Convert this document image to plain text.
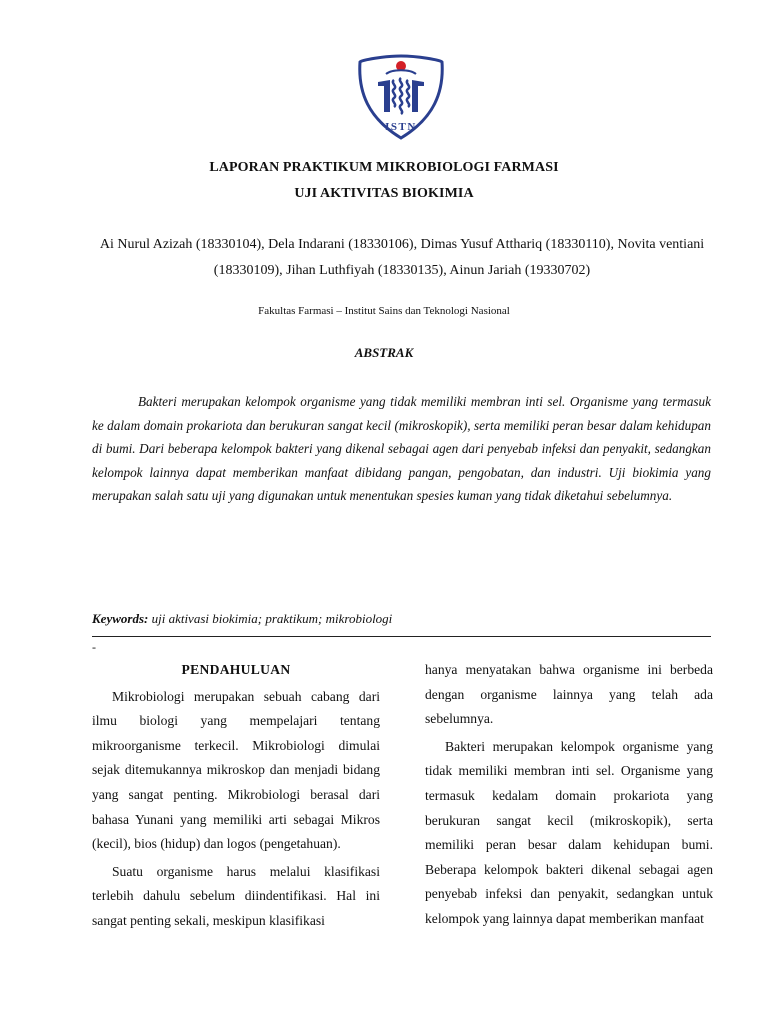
ISTN
LAPORAN PRAKTIKUM MIKROBIOLOGI FARMASI
UJI AKTIVITAS BIOKIMIA
Ai Nurul Azizah (18330104), Dela Indarani (18330106), Dimas Yusuf Atthariq (18330110), Novita ventiani (18330109), Jihan Luthfiyah (18330135), Ainun Jariah (19330702)
Fakultas Farmasi – Institut Sains dan Teknologi Nasional
ABSTRAK

Bakteri merupakan kelompok organisme yang tidak memiliki membran inti sel. Organisme yang termasuk ke dalam domain prokariota dan berukuran sangat kecil (mikroskopik), serta memiliki peran besar dalam kehidupan di bumi. Dari beberapa kelompok bakteri yang dikenal sebagai agen dari penyebab infeksi dan penyakit, sedangkan kelompok lainnya dapat memberikan manfaat dibidang pangan, pengobatan, dan industri. Uji biokimia yang merupakan salah satu uji yang digunakan untuk menentukan spesies kuman yang tidak diketahui sebelumnya.

Keywords: uji aktivasi biokimia; praktikum; mikrobiologi
-
PENDAHULUAN

Mikrobiologi merupakan sebuah cabang dari ilmu biologi yang mempelajari tentang mikroorganisme terkecil. Mikrobiologi dimulai sejak ditemukannya mikroskop dan menjadi bidang yang sangat penting. Mikrobiologi berasal dari bahasa Yunani yang memiliki arti sebagai Mikros (kecil), bios (hidup) dan logos (pengetahuan).

Suatu organisme harus melalui klasifikasi terlebih dahulu sebelum diindentifikasi. Hal ini sangat penting sekali, meskipun klasifikasi

hanya menyatakan bahwa organisme ini berbeda dengan organisme lainnya yang telah ada sebelumnya.

Bakteri merupakan kelompok organisme yang tidak memiliki membran inti sel. Organisme yang termasuk kedalam domain prokariota yang berukuran sangat kecil (mikroskopik), serta memiliki peran besar dalam kehidupan bumi. Beberapa kelompok bakteri dikenal sebagai agen penyebab infeksi dan penyakit, sedangkan untuk kelompok yang lainnya dapat memberikan manfaat
